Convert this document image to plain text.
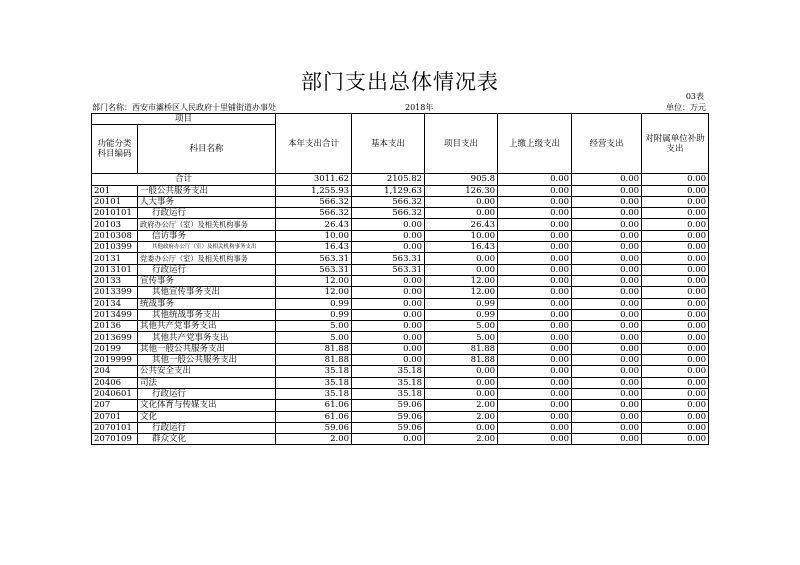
部门支出总体情况表
03表
部门名称：西安市灞桥区人民政府十里铺街道办事处	2018年	单位：万元
项目		本年支出合计	基本支出	项目支出	上缴上级支出	经营支出	对附属单位补助支出
功能分类科目编码	科目名称						
合计		3011.62	2105.82	905.8	0.00	0.00	0.00
201	一般公共服务支出	1,255.93	1,129.63	126.30	0.00	0.00	0.00
20101	人大事务	566.32	566.32	0.00	0.00	0.00	0.00
2010101	行政运行	566.32	566.32	0.00	0.00	0.00	0.00
20103	政府办公厅（室）及相关机构事务	26.43	0.00	26.43	0.00	0.00	0.00
2010308	信访事务	10.00	0.00	10.00	0.00	0.00	0.00
2010399	其他政府办公厅（室）及相关机构事务支出	16.43	0.00	16.43	0.00	0.00	0.00
20131	党委办公厅（室）及相关机构事务	563.31	563.31	0.00	0.00	0.00	0.00
2013101	行政运行	563.31	563.31	0.00	0.00	0.00	0.00
20133	宣传事务	12.00	0.00	12.00	0.00	0.00	0.00
2013399	其他宣传事务支出	12.00	0.00	12.00	0.00	0.00	0.00
20134	统战事务	0.99	0.00	0.99	0.00	0.00	0.00
2013499	其他统战事务支出	0.99	0.00	0.99	0.00	0.00	0.00
20136	其他共产党事务支出	5.00	0.00	5.00	0.00	0.00	0.00
2013699	其他共产党事务支出	5.00	0.00	5.00	0.00	0.00	0.00
20199	其他一般公共服务支出	81.88	0.00	81.88	0.00	0.00	0.00
2019999	其他一般公共服务支出	81.88	0.00	81.88	0.00	0.00	0.00
204	公共安全支出	35.18	35.18	0.00	0.00	0.00	0.00
20406	司法	35.18	35.18	0.00	0.00	0.00	0.00
2040601	行政运行	35.18	35.18	0.00	0.00	0.00	0.00
207	文化体育与传媒支出	61.06	59.06	2.00	0.00	0.00	0.00
20701	文化	61.06	59.06	2.00	0.00	0.00	0.00
2070101	行政运行	59.06	59.06	0.00	0.00	0.00	0.00
2070109	群众文化	2.00	0.00	2.00	0.00	0.00	0.00
